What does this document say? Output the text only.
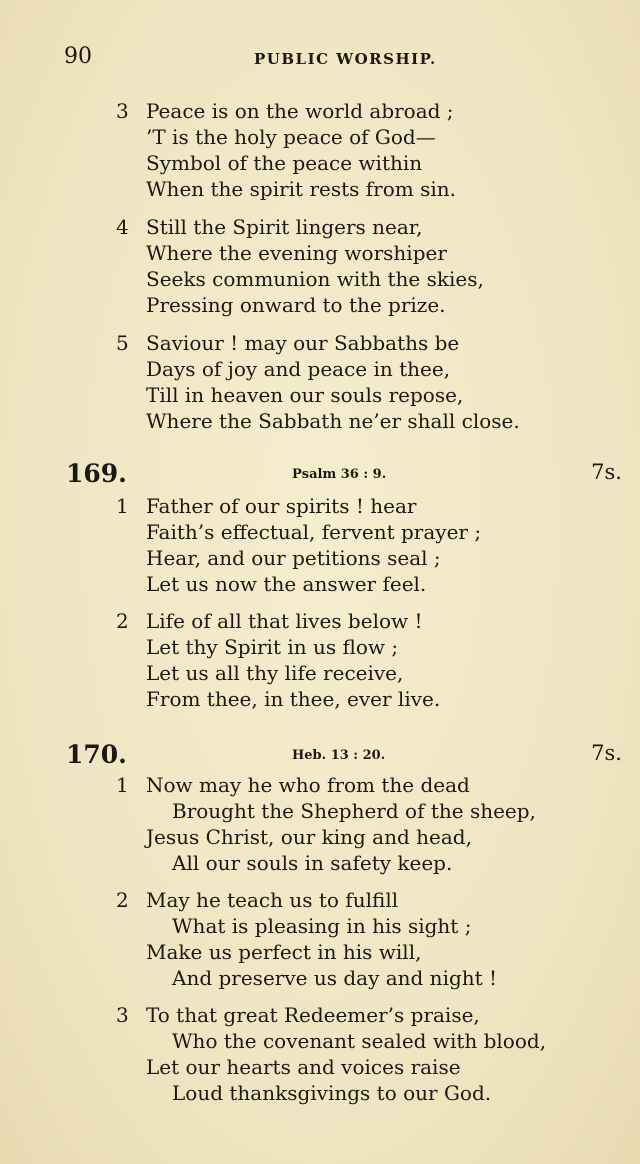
90	PUBLIC WORSHIP.
3 Peace is on the world abroad ;
’T is the holy peace of God—
Symbol of the peace within
When the spirit rests from sin.
4 Still the Spirit lingers near,
Where the evening worshiper
Seeks communion with the skies,
Pressing onward to the prize.
5 Saviour ! may our Sabbaths be
Days of joy and peace in thee,
Till in heaven our souls repose,
Where the Sabbath ne’er shall close.
169.	Psalm 36 : 9.	7s.
1 Father of our spirits ! hear
Faith’s effectual, fervent prayer ;
Hear, and our petitions seal ;
Let us now the answer feel.
2 Life of all that lives below !
Let thy Spirit in us flow ;
Let us all thy life receive,
From thee, in thee, ever live.
170.	Heb. 13 : 20.	7s.
1 Now may he who from the dead
Brought the Shepherd of the sheep,
Jesus Christ, our king and head,
All our souls in safety keep.
2 May he teach us to fulfill
What is pleasing in his sight ;
Make us perfect in his will,
And preserve us day and night !
3 To that great Redeemer’s praise,
Who the covenant sealed with blood,
Let our hearts and voices raise
Loud thanksgivings to our God.
